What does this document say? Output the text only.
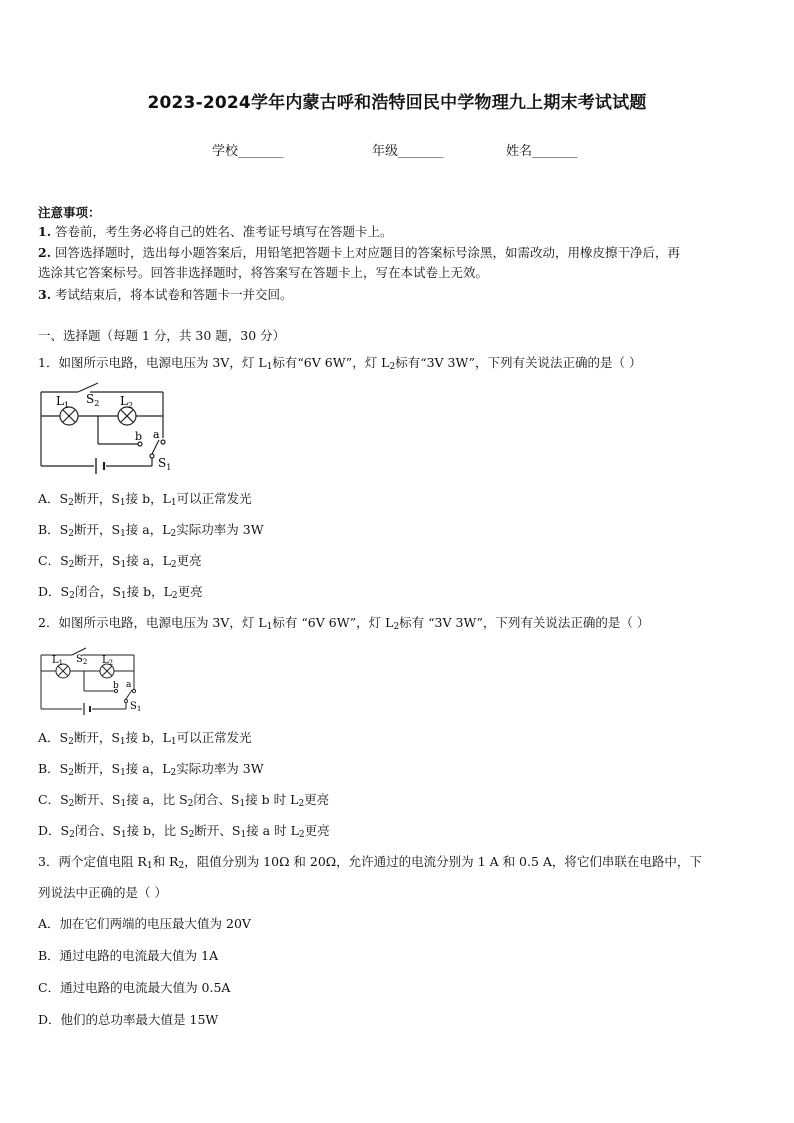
2023-2024学年内蒙古呼和浩特回民中学物理九上期末考试试题
学校_______	年级_______	姓名_______
注意事项：
1. 答卷前，考生务必将自己的姓名、准考证号填写在答题卡上。
2. 回答选择题时，选出每小题答案后，用铅笔把答题卡上对应题目的答案标号涂黑，如需改动，用橡皮擦干净后，再
选涂其它答案标号。回答非选择题时，将答案写在答题卡上，写在本试卷上无效。
3. 考试结束后，将本试卷和答题卡一并交回。
一、选择题（每题 1 分，共 30 题，30 分）
1．如图所示电路，电源电压为 3V，灯 $L_1$标有“6V 6W”，灯 $L_2$标有“3V 3W”，下列有关说法正确的是（ ）
$L_1$ $S_2$ $L_2$
b a
$S_1$
A．$S_2$断开，$S_1$接 b，$L_1$可以正常发光
B．$S_2$断开，$S_1$接 a，$L_2$实际功率为 3W
C．$S_2$断开，$S_1$接 a，$L_2$更亮
D．$S_2$闭合，$S_1$接 b，$L_2$更亮
2．如图所示电路，电源电压为 3V，灯 $L_1$标有 “6V 6W”，灯 $L_2$标有 “3V 3W”，下列有关说法正确的是（ ）
$L_1$ $S_2$ $L_2$
b a
$S_1$
A．$S_2$断开，$S_1$接 b，$L_1$可以正常发光
B．$S_2$断开，$S_1$接 a，$L_2$实际功率为 3W
C．$S_2$断开、$S_1$接 a，比 $S_2$闭合、$S_1$接 b 时 $L_2$更亮
D．$S_2$闭合、$S_1$接 b，比 $S_2$断开、$S_1$接 a 时 $L_2$更亮
3．两个定值电阻 $R_1$和 $R_2$，阻值分别为 10Ω 和 20Ω，允许通过的电流分别为 1 A 和 0.5 A，将它们串联在电路中，下
列说法中正确的是（ ）
A．加在它们两端的电压最大值为 20V
B．通过电路的电流最大值为 1A
C．通过电路的电流最大值为 0.5A
D．他们的总功率最大值是 15W
